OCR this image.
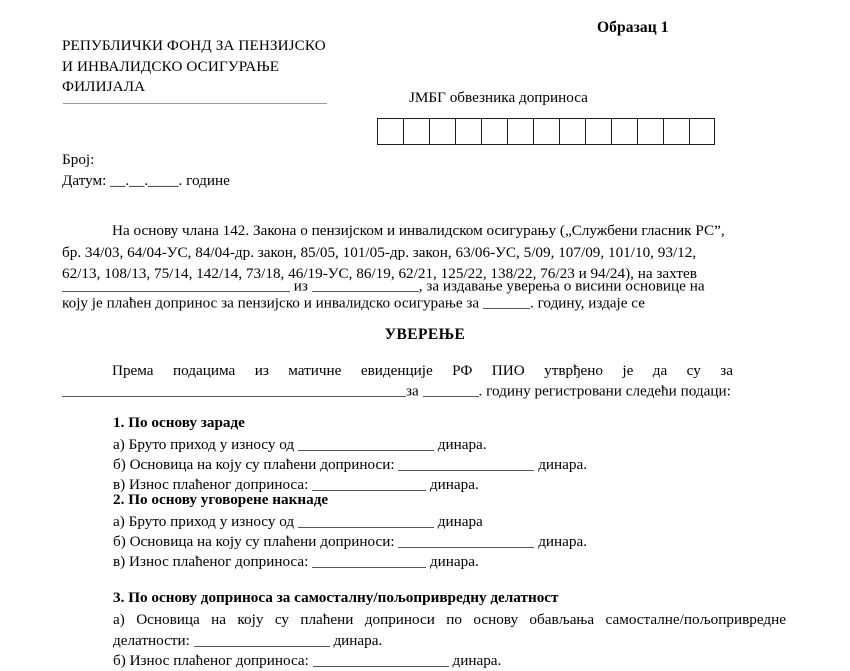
Образац 1
РЕПУБЛИЧКИ ФОНД ЗА ПЕНЗИЈСКО
И ИНВАЛИДСКО ОСИГУРАЊЕ
ФИЛИЈАЛА
ЈМБГ обвезника доприноса
Број:
Датум: __.__.____. године
На основу члана 142. Закона о пензијском и инвалидском осигурању („Службени гласник РС”,
бр. 34/03, 64/04-УС, 84/04-др. закон, 85/05, 101/05-др. закон, 63/06-УС, 5/09, 107/09, 101/10, 93/12,
62/13, 108/13, 75/14, 142/14, 73/18, 46/19-УС, 86/19, 62/21, 125/22, 138/22, 76/23 и 94/24), на захтев
из	, за издавање уверења о висини основице на
коју је плаћен допринос за пензијско и инвалидско осигурање за	. годину, издаје се
УВЕРЕЊЕ
Према подацима из матичне евиденције РФ ПИО утврђено је да су за
за	. годину регистровани следећи подаци:
1. По основу зараде
а) Бруто приход у износу од	динара.
б) Основица на коју су плаћени доприноси:	динара.
в) Износ плаћеног доприноса:	динара.
2. По основу уговорене накнаде
а) Бруто приход у износу од	динара
б) Основица на коју су плаћени доприноси:	динара.
в) Износ плаћеног доприноса:	динара.
3. По основу доприноса за самосталну/пољопривредну делатност
а) Основица на коју су плаћени доприноси по основу обављања самосталне/пољопривредне делатности:	динара.
б) Износ плаћеног доприноса:	динара.
